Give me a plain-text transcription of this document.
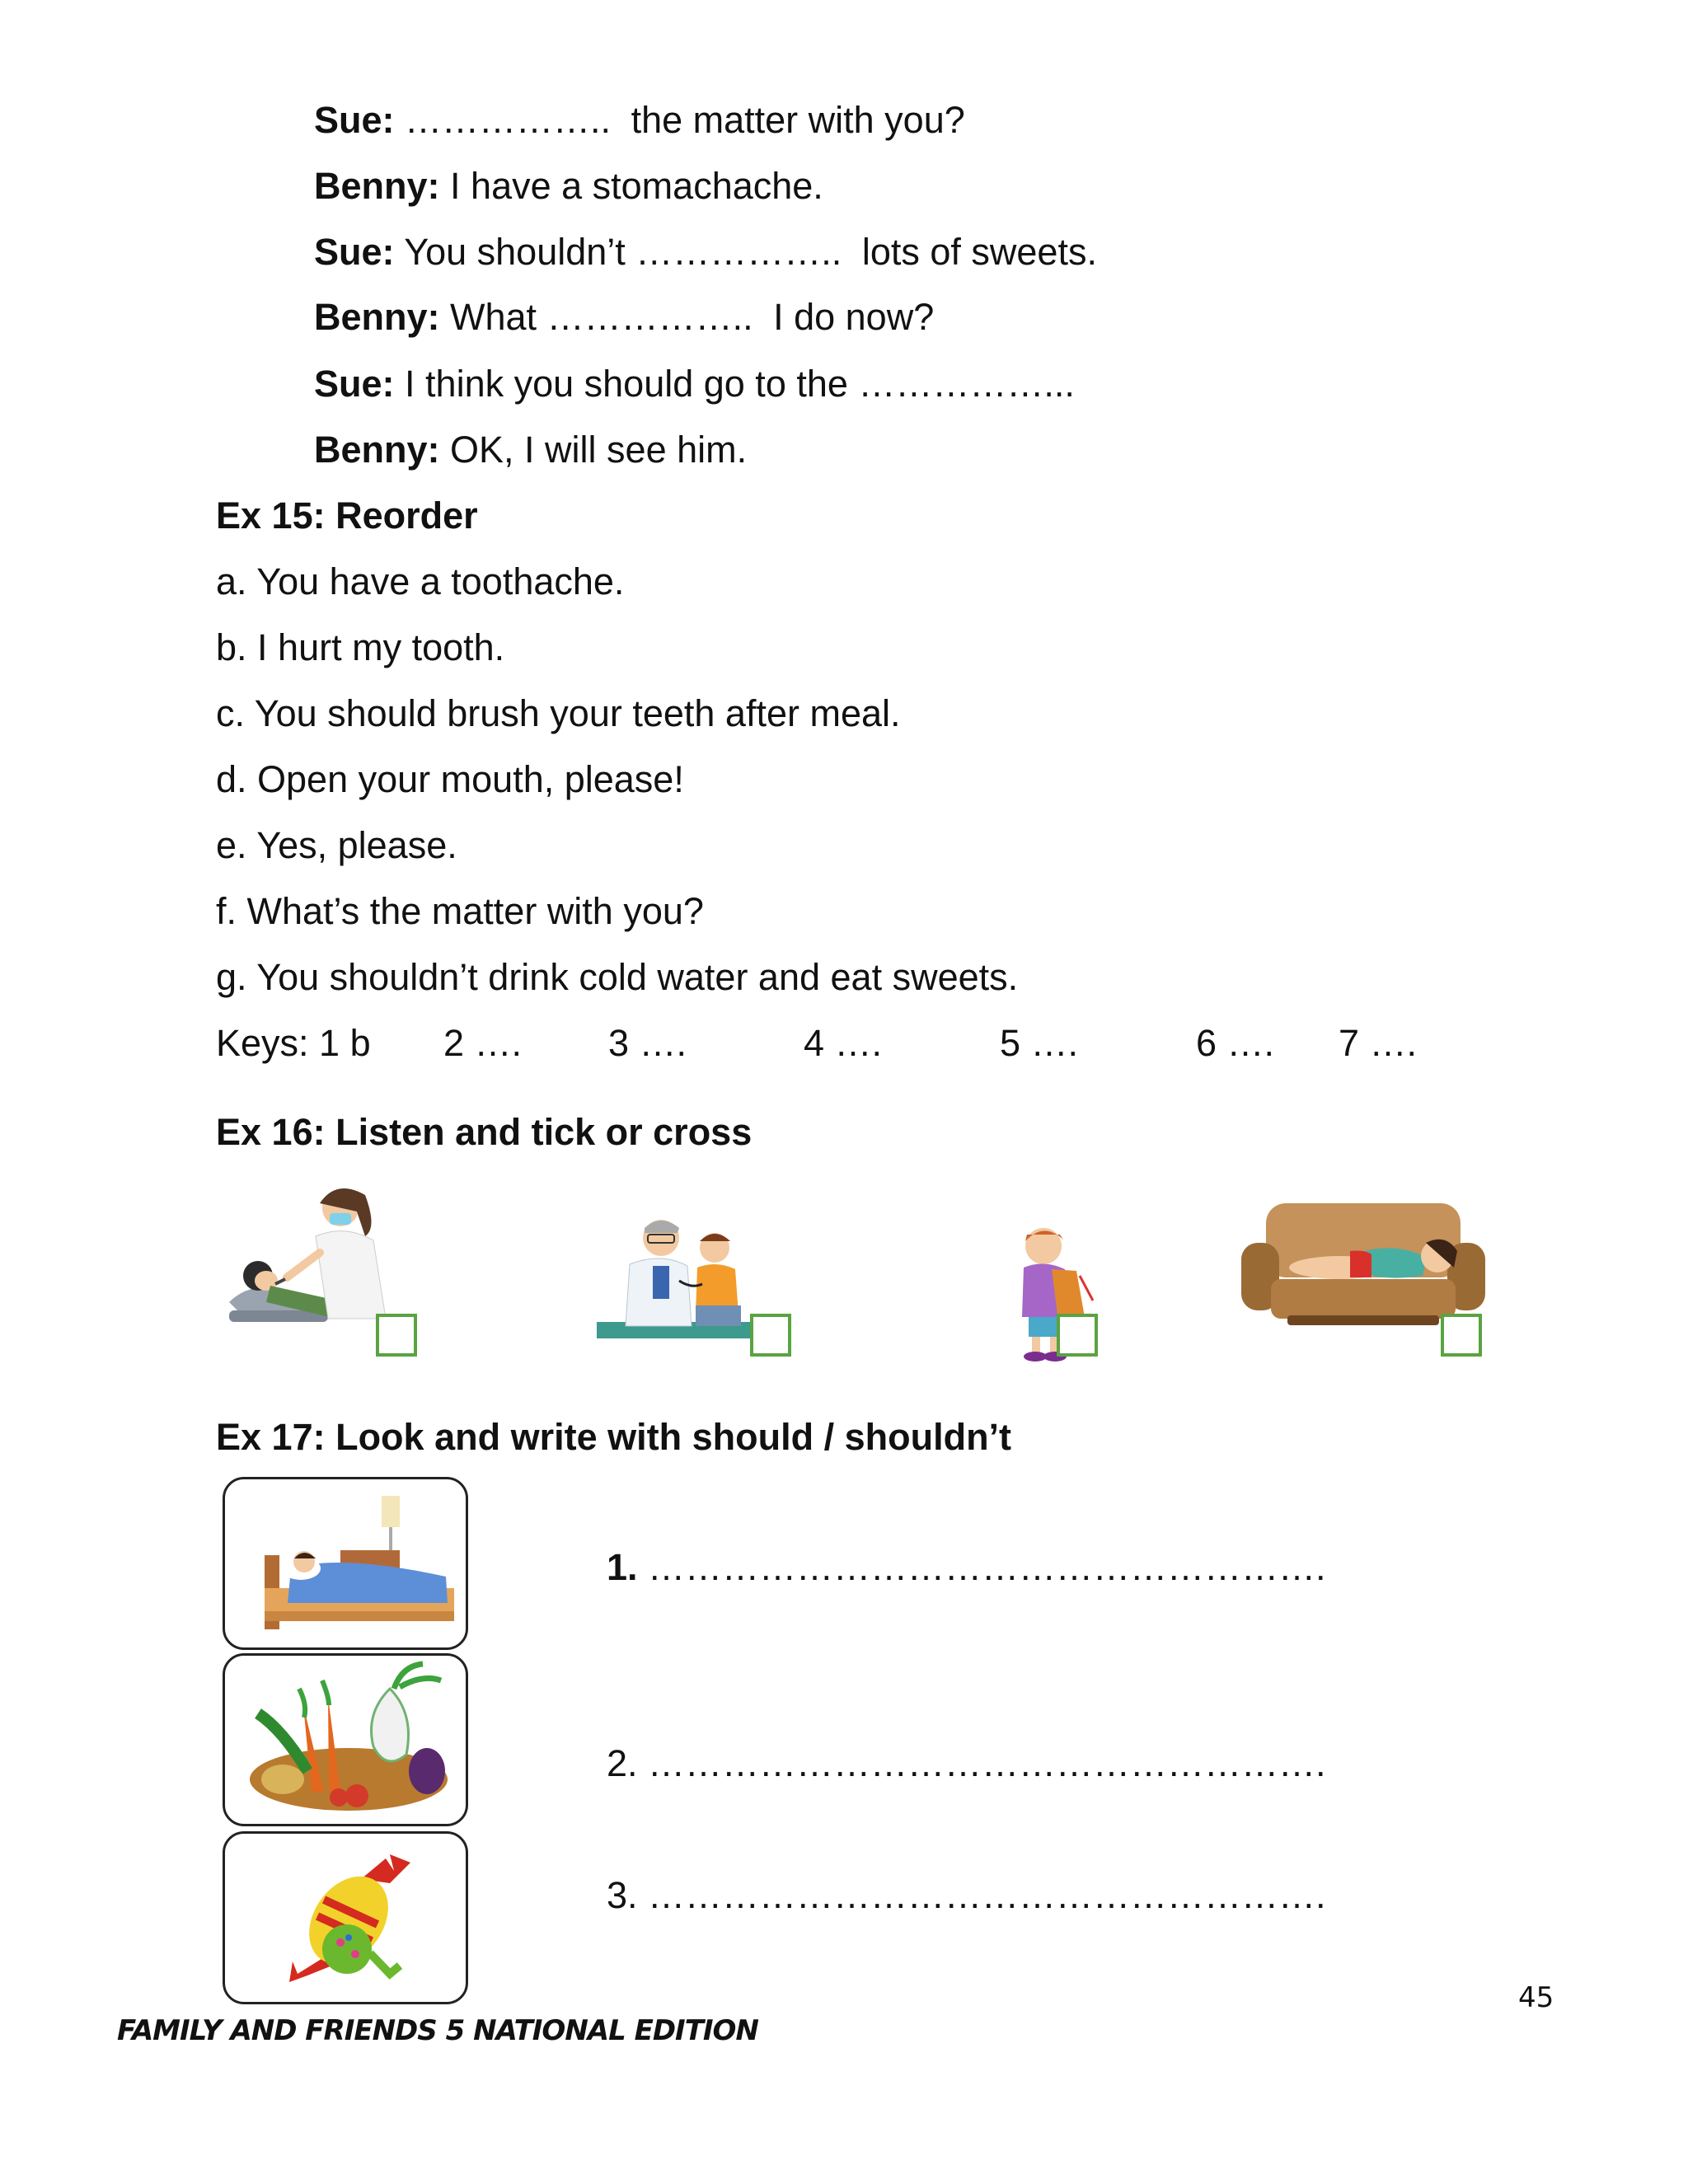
Sue: …………….. the matter with you?
Benny: I have a stomachache.
Sue: You shouldn’t …………….. lots of sweets.
Benny: What …………….. I do now?
Sue: I think you should go to the ……………...
Benny: OK, I will see him.
Ex 15: Reorder
a. You have a toothache.
b. I hurt my tooth.
c. You should brush your teeth after meal.
d. Open your mouth, please!
e. Yes, please.
f. What’s the matter with you?
g. You shouldn’t drink cold water and eat sweets.
Keys: 1 b 2 …. 3 ….	4 ….	5 ….	6 …. 7 ….
Ex 16: Listen and tick or cross
Ex 17: Look and write with should / shouldn’t
1. ……………………………………………….
2. ……………………………………………….
3. ……………………………………………….
45
FAMILY AND FRIENDS 5 NATIONAL EDITION
